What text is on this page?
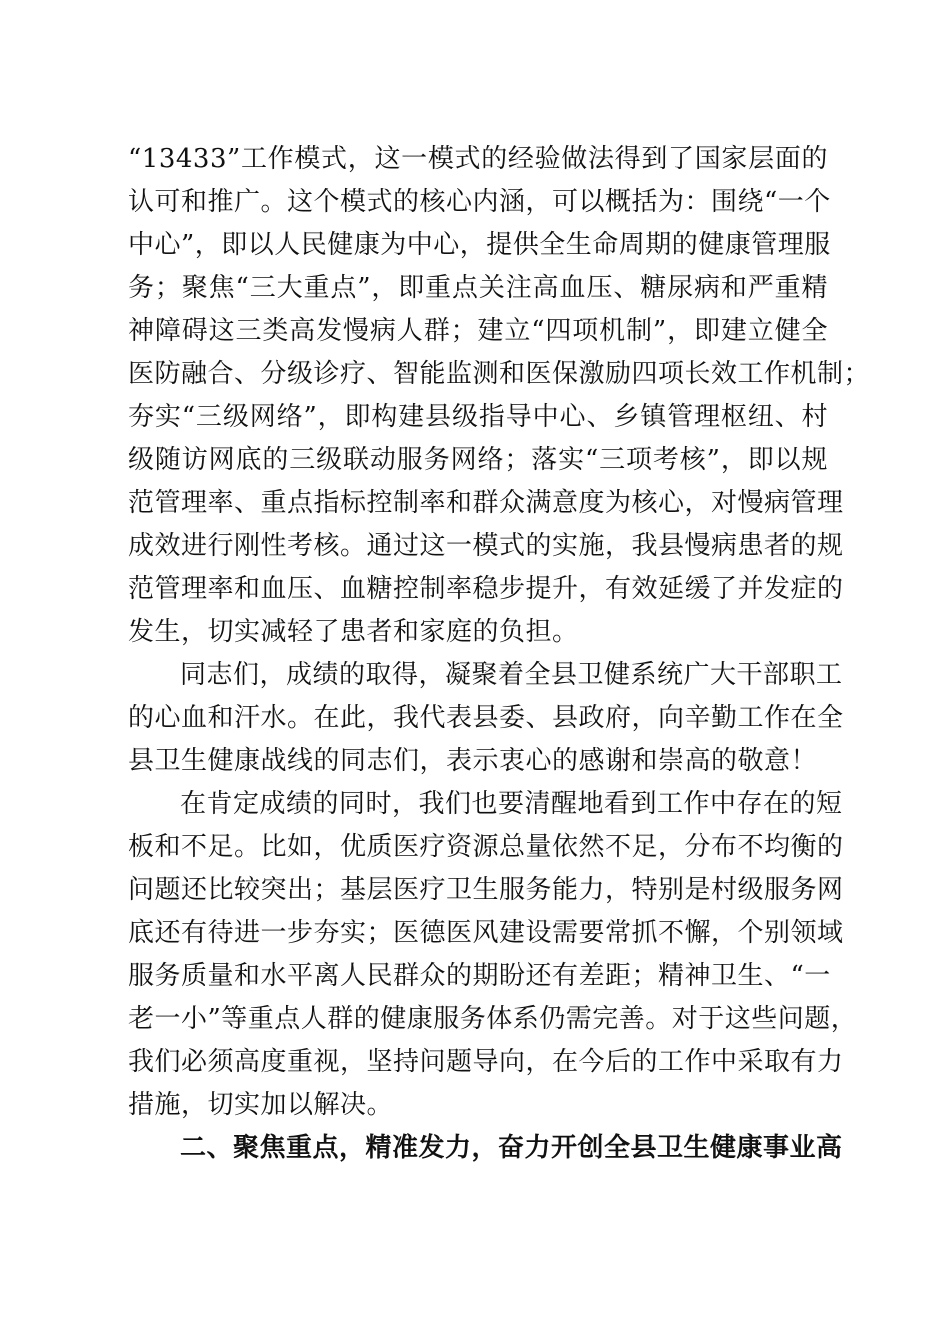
“13433”工作模式，这一模式的经验做法得到了国家层面的
认可和推广。这个模式的核心内涵，可以概括为：围绕“一个
中心”，即以人民健康为中心，提供全生命周期的健康管理服
务；聚焦“三大重点”，即重点关注高血压、糖尿病和严重精
神障碍这三类高发慢病人群；建立“四项机制”，即建立健全
医防融合、分级诊疗、智能监测和医保激励四项长效工作机制；
夯实“三级网络”，即构建县级指导中心、乡镇管理枢纽、村
级随访网底的三级联动服务网络；落实“三项考核”，即以规
范管理率、重点指标控制率和群众满意度为核心，对慢病管理
成效进行刚性考核。通过这一模式的实施，我县慢病患者的规
范管理率和血压、血糖控制率稳步提升，有效延缓了并发症的
发生，切实减轻了患者和家庭的负担。
同志们，成绩的取得，凝聚着全县卫健系统广大干部职工
的心血和汗水。在此，我代表县委、县政府，向辛勤工作在全
县卫生健康战线的同志们，表示衷心的感谢和崇高的敬意！
在肯定成绩的同时，我们也要清醒地看到工作中存在的短
板和不足。比如，优质医疗资源总量依然不足，分布不均衡的
问题还比较突出；基层医疗卫生服务能力，特别是村级服务网
底还有待进一步夯实；医德医风建设需要常抓不懈，个别领域
服务质量和水平离人民群众的期盼还有差距；精神卫生、“一
老一小”等重点人群的健康服务体系仍需完善。对于这些问题，
我们必须高度重视，坚持问题导向，在今后的工作中采取有力
措施，切实加以解决。
二、聚焦重点，精准发力，奋力开创全县卫生健康事业高
